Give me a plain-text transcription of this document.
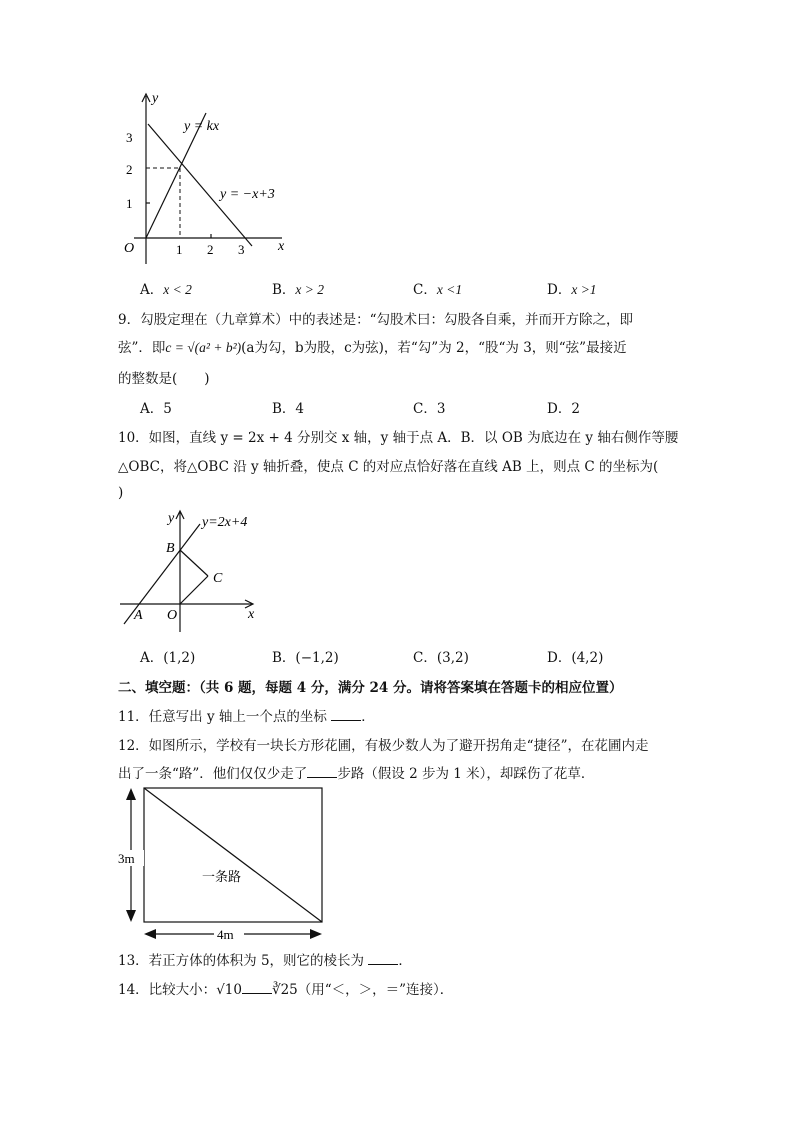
y
x
O
1
2
3
1 2 3
y = kx
y = −x+3
A．x < 2	B．x > 2	C．x <1	D．x >1
9．勾股定理在（九章算术）中的表述是：“勾股术曰：勾股各自乘，并而开方除之，即
弦”．即c = √(a² + b²)(a为勾，b为股，c为弦)，若“勾”为 2，“股“为 3，则“弦”最接近
的整数是(　　)
A．5	B．4	C．3	D．2
10．如图，直线 y = 2x + 4 分别交 x 轴，y 轴于点 A．B．以 OB 为底边在 y 轴右侧作等腰
△OBC，将△OBC 沿 y 轴折叠，使点 C 的对应点恰好落在直线 AB 上，则点 C 的坐标为(
)
y
x
y=2x+4
B
C
A O
A．(1,2)	B．(−1,2)	C．(3,2)	D．(4,2)
二、填空题：（共 6 题，每题 4 分，满分 24 分。请将答案填在答题卡的相应位置）
11．任意写出 y 轴上一个点的坐标	．
12．如图所示，学校有一块长方形花圃，有极少数人为了避开拐角走“捷径”，在花圃内走
出了一条“路”．他们仅仅少走了 步路（假设 2 步为 1 米），却踩伤了花草．
3m
4m
一条路
13．若正方体的体积为 5，则它的棱长为	．
14．比较大小：√10 ∛25（用“＜，＞，＝”连接）．
